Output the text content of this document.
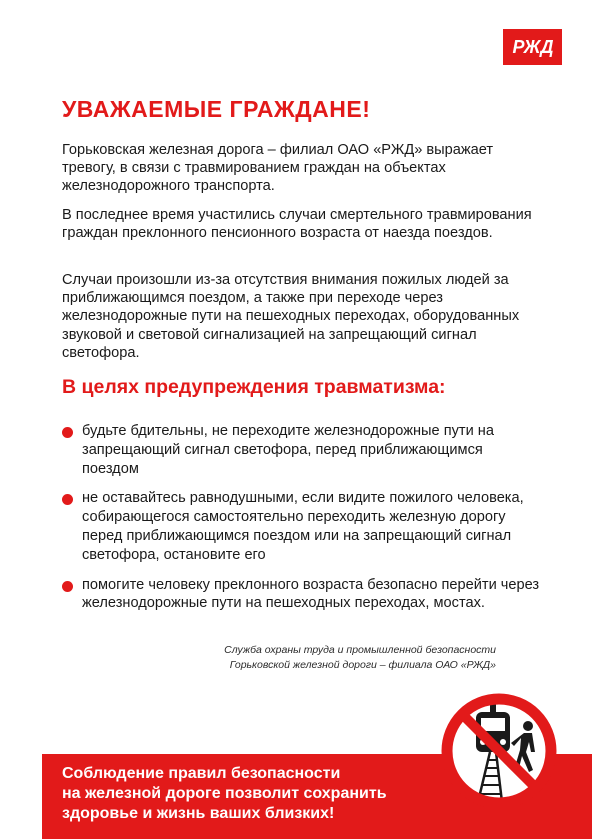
РЖД
УВАЖАЕМЫЕ ГРАЖДАНЕ!

Горьковская железная дорога – филиал ОАО «РЖД» выражает тревогу, в связи с травмированием граждан на объектах железнодорожного транспорта.

В последнее время участились случаи смертельного травмирования граждан преклонного пенсионного возраста от наезда поездов.

Случаи произошли из-за отсутствия внимания пожилых людей за приближающимся поездом, а также при переходе через железнодорожные пути на пешеходных переходах, оборудованных звуковой и световой сигнализацией на запрещающий сигнал светофора.

В целях предупреждения травматизма:
будьте бдительны, не переходите железнодорожные пути на запрещающий сигнал светофора, перед приближающимся поездом
не оставайтесь равнодушными, если видите пожилого человека, собирающегося самостоятельно переходить железную дорогу перед приближающимся поездом или на запрещающий сигнал светофора, остановите его
помогите человеку преклонного возраста безопасно перейти через железнодорожные пути на пешеходных переходах, мостах.
Служба охраны труда и промышленной безопасности
Горьковской железной дороги – филиала ОАО «РЖД»

Соблюдение правил безопасности
на железной дороге позволит сохранить
здоровье и жизнь ваших близких!
